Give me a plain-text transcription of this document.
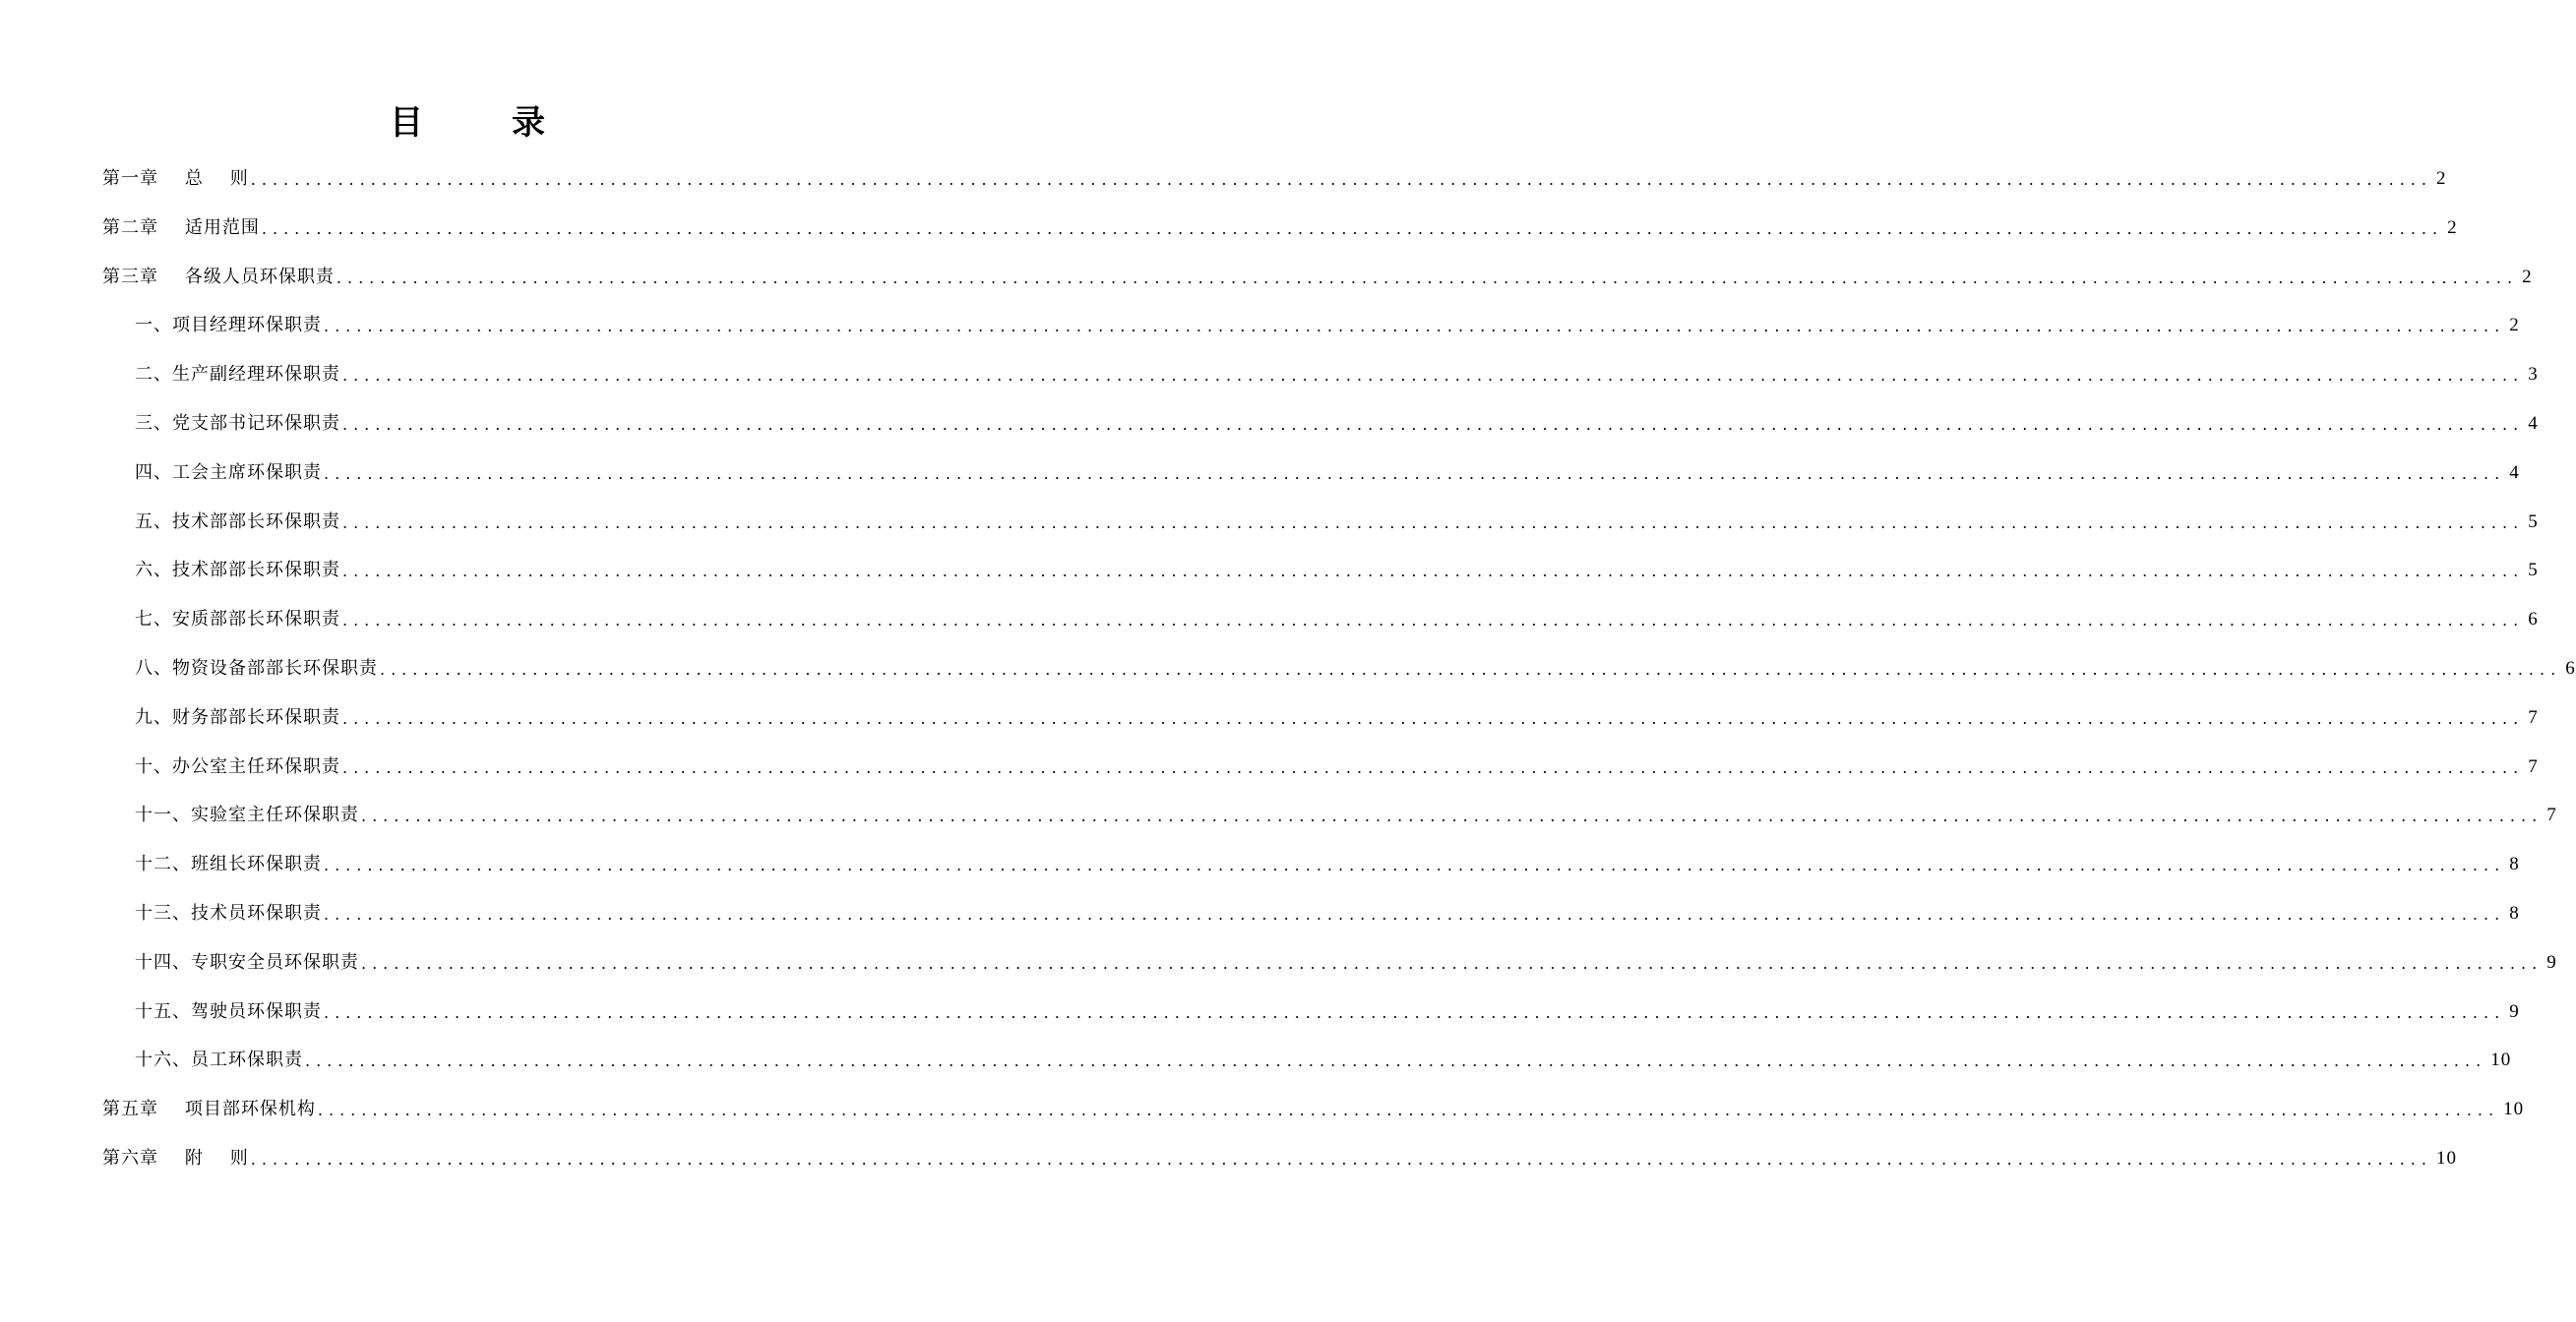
目	录
第一章    总    则 ........................................................................................................................................................................................................ 2
第二章    适用范围 ........................................................................................................................................................................................................ 2
第三章    各级人员环保职责 ........................................................................................................................................................................................................ 2
一、项目经理环保职责 ........................................................................................................................................................................................................ 2
二、生产副经理环保职责 ........................................................................................................................................................................................................ 3
三、党支部书记环保职责 ........................................................................................................................................................................................................ 4
四、工会主席环保职责 ........................................................................................................................................................................................................ 4
五、技术部部长环保职责 ........................................................................................................................................................................................................ 5
六、技术部部长环保职责 ........................................................................................................................................................................................................ 5
七、安质部部长环保职责 ........................................................................................................................................................................................................ 6
八、物资设备部部长环保职责 ........................................................................................................................................................................................................ 6
九、财务部部长环保职责 ........................................................................................................................................................................................................ 7
十、办公室主任环保职责 ........................................................................................................................................................................................................ 7
十一、实验室主任环保职责 ........................................................................................................................................................................................................ 7
十二、班组长环保职责 ........................................................................................................................................................................................................ 8
十三、技术员环保职责 ........................................................................................................................................................................................................ 8
十四、专职安全员环保职责 ........................................................................................................................................................................................................ 9
十五、驾驶员环保职责 ........................................................................................................................................................................................................ 9
十六、员工环保职责 ........................................................................................................................................................................................................ 10
第五章    项目部环保机构 ........................................................................................................................................................................................................ 10
第六章    附    则 ........................................................................................................................................................................................................ 10
